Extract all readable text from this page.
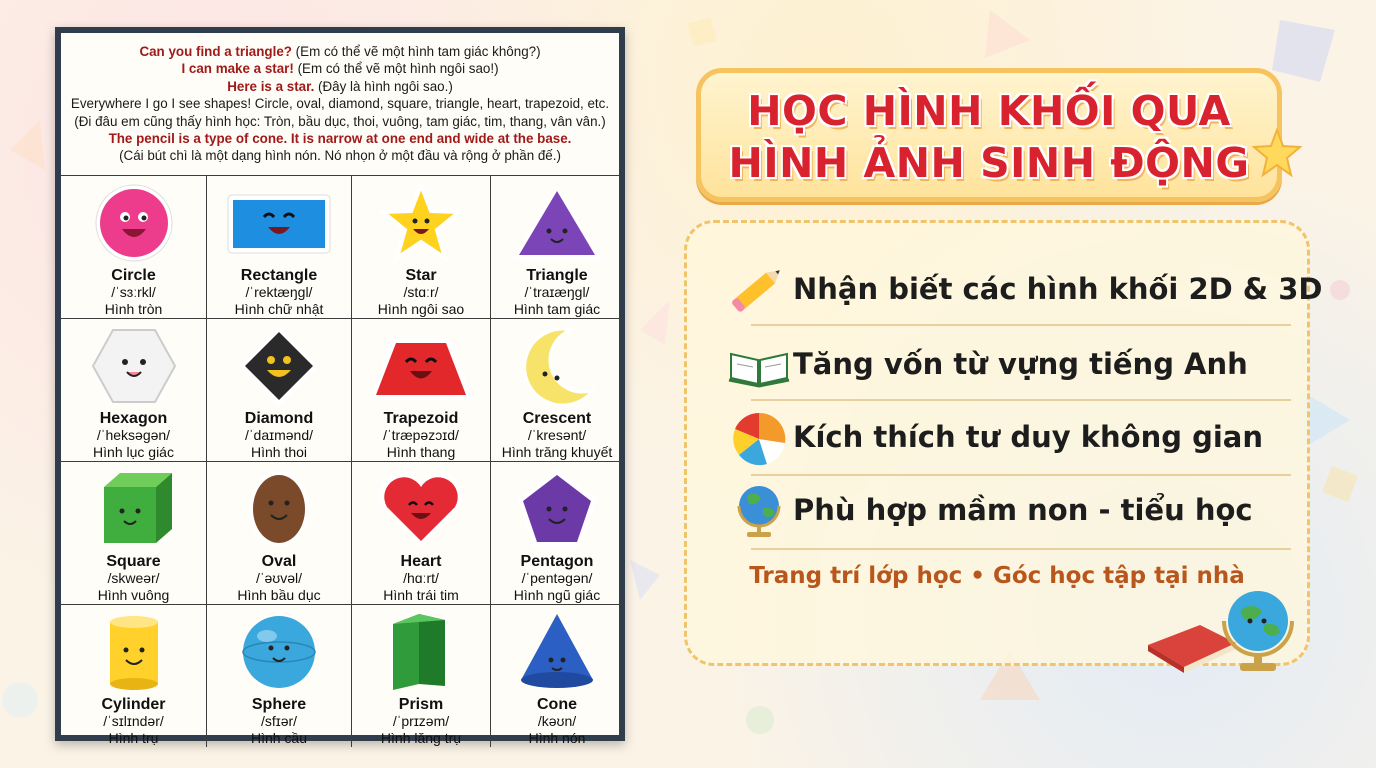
Can you find a triangle? (Em có thể vẽ một hình tam giác không?)
I can make a star! (Em có thể vẽ một hình ngôi sao!)
Here is a star. (Đây là hình ngôi sao.)
Everywhere I go I see shapes! Circle, oval, diamond, square, triangle, heart, trapezoid, etc.
(Đi đâu em cũng thấy hình học: Tròn, bầu dục, thoi, vuông, tam giác, tim, thang, vân vân.)
The pencil is a type of cone. It is narrow at one end and wide at the base.
(Cái bút chì là một dạng hình nón. Nó nhọn ở một đầu và rộng ở phần đế.)
Circle
/ˈsɜːrkl/
Hình tròn
Rectangle
/ˈrektæŋɡl/
Hình chữ nhật
Star
/stɑːr/
Hình ngôi sao
Triangle
/ˈtraɪæŋɡl/
Hình tam giác
Hexagon
/ˈheksəɡən/
Hình lục giác
Diamond
/ˈdaɪmənd/
Hình thoi
Trapezoid
/ˈtræpəzɔɪd/
Hình thang
Crescent
/ˈkresənt/
Hình trăng khuyết
Square
/skweər/
Hình vuông
Oval
/ˈəʊvəl/
Hình bầu dục
Heart
/hɑːrt/
Hình trái tim
Pentagon
/ˈpentəɡən/
Hình ngũ giác
Cylinder
/ˈsɪlɪndər/
Hình trụ
Sphere
/sfɪər/
Hình cầu
Prism
/ˈprɪzəm/
Hình lăng trụ
Cone
/kəʊn/
Hình nón
HỌC HÌNH KHỐI QUA
HÌNH ẢNH SINH ĐỘNG
Nhận biết các hình khối 2D & 3D
Tăng vốn từ vựng tiếng Anh
Kích thích tư duy không gian
Phù hợp mầm non - tiểu học
Trang trí lớp học • Góc học tập tại nhà
